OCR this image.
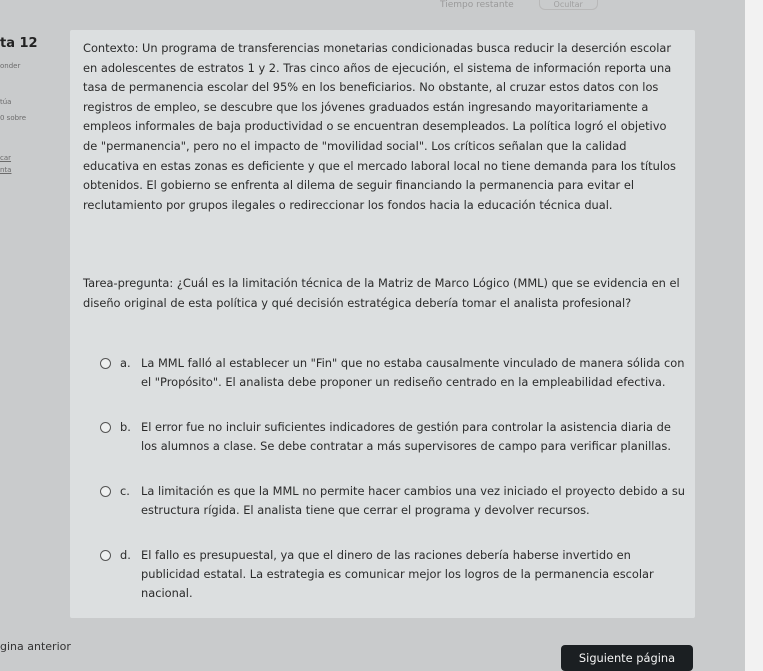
Tiempo restante	Ocultar
ta 12
onder
túa
0 sobre
car
nta

Contexto: Un programa de transferencias monetarias condicionadas busca reducir la deserción escolar en adolescentes de estratos 1 y 2. Tras cinco años de ejecución, el sistema de información reporta una tasa de permanencia escolar del 95% en los beneficiarios. No obstante, al cruzar estos datos con los registros de empleo, se descubre que los jóvenes graduados están ingresando mayoritariamente a empleos informales de baja productividad o se encuentran desempleados. La política logró el objetivo de "permanencia", pero no el impacto de "movilidad social". Los críticos señalan que la calidad educativa en estas zonas es deficiente y que el mercado laboral local no tiene demanda para los títulos obtenidos. El gobierno se enfrenta al dilema de seguir financiando la permanencia para evitar el reclutamiento por grupos ilegales o redireccionar los fondos hacia la educación técnica dual.

Tarea-pregunta: ¿Cuál es la limitación técnica de la Matriz de Marco Lógico (MML) que se evidencia en el diseño original de esta política y qué decisión estratégica debería tomar el analista profesional?

a. La MML falló al establecer un "Fin" que no estaba causalmente vinculado de manera sólida con el "Propósito". El analista debe proponer un rediseño centrado en la empleabilidad efectiva.
b. El error fue no incluir suficientes indicadores de gestión para controlar la asistencia diaria de los alumnos a clase. Se debe contratar a más supervisores de campo para verificar planillas.
c. La limitación es que la MML no permite hacer cambios una vez iniciado el proyecto debido a su estructura rígida. El analista tiene que cerrar el programa y devolver recursos.
d. El fallo es presupuestal, ya que el dinero de las raciones debería haberse invertido en publicidad estatal. La estrategia es comunicar mejor los logros de la permanencia escolar nacional.
gina anterior
Siguiente página
